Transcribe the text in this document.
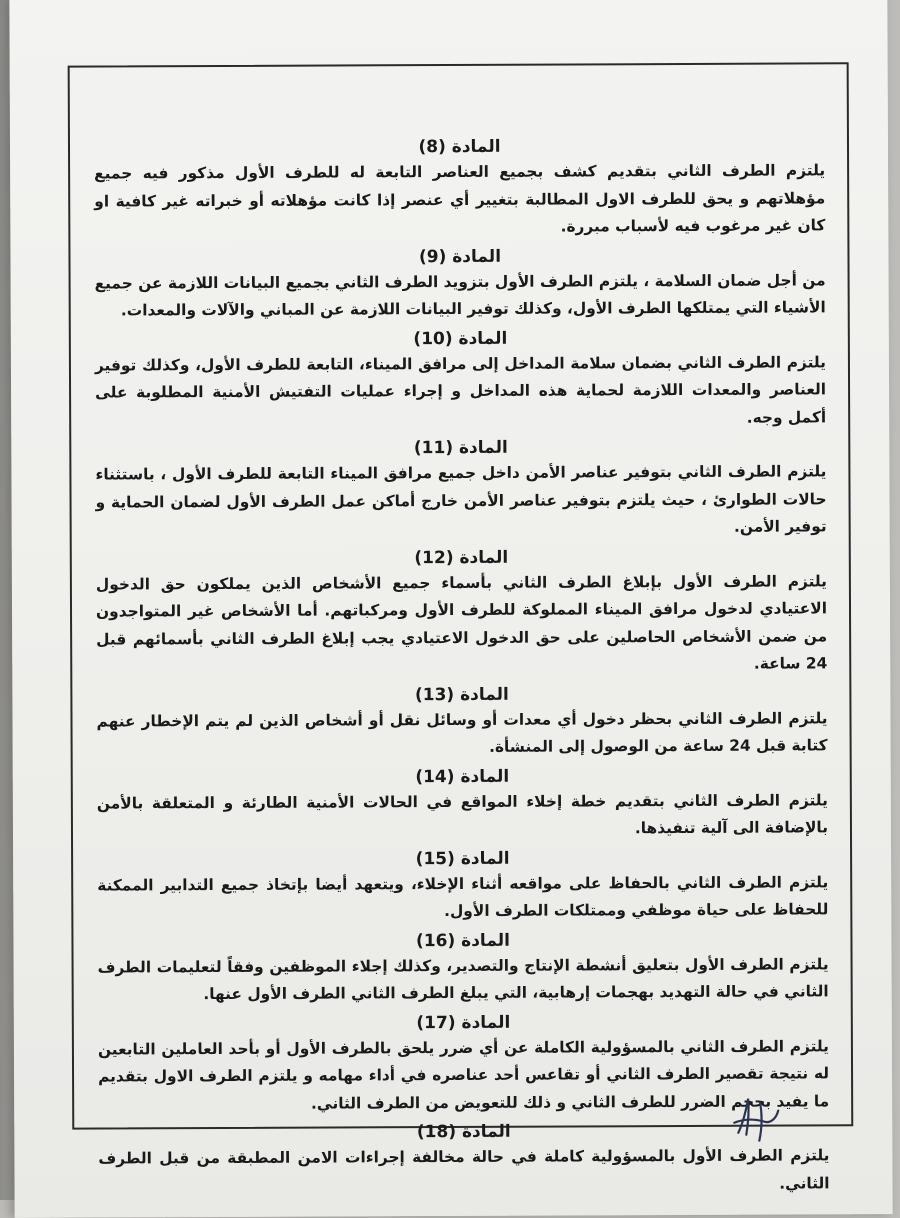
المادة (8)

يلتزم الطرف الثاني بتقديم كشف بجميع العناصر التابعة له للطرف الأول مذكور فيه جميع مؤهلاتهم و يحق للطرف الاول المطالبة بتغيير أي عنصر إذا كانت مؤهلاته أو خبراته غير كافية او كان غير مرغوب فيه لأسباب مبررة.

المادة (9)

من أجل ضمان السلامة ، يلتزم الطرف الأول بتزويد الطرف الثاني بجميع البيانات اللازمة عن جميع الأشياء التي يمتلكها الطرف الأول، وكذلك توفير البيانات اللازمة عن المباني والآلات والمعدات.

المادة (10)

يلتزم الطرف الثاني بضمان سلامة المداخل إلى مرافق الميناء، التابعة للطرف الأول، وكذلك توفير العناصر والمعدات اللازمة لحماية هذه المداخل و إجراء عمليات التفتيش الأمنية المطلوبة على أكمل وجه.

المادة (11)

يلتزم الطرف الثاني بتوفير عناصر الأمن داخل جميع مرافق الميناء التابعة للطرف الأول ، باستثناء حالات الطوارئ ، حيث يلتزم بتوفير عناصر الأمن خارج أماكن عمل الطرف الأول لضمان الحماية و توفير الأمن.

المادة (12)

يلتزم الطرف الأول بإبلاغ الطرف الثاني بأسماء جميع الأشخاص الذين يملكون حق الدخول الاعتيادي لدخول مرافق الميناء المملوكة للطرف الأول ومركباتهم. أما الأشخاص غير المتواجدون من ضمن الأشخاص الحاصلين على حق الدخول الاعتيادي يجب إبلاغ الطرف الثاني بأسمائهم قبل 24 ساعة.

المادة (13)

يلتزم الطرف الثاني بحظر دخول أي معدات أو وسائل نقل أو أشخاص الذين لم يتم الإخطار عنهم كتابة قبل 24 ساعة من الوصول إلى المنشأة.

المادة (14)

يلتزم الطرف الثاني بتقديم خطة إخلاء المواقع في الحالات الأمنية الطارئة و المتعلقة بالأمن بالإضافة الى آلية تنفيذها.

المادة (15)

يلتزم الطرف الثاني بالحفاظ على مواقعه أثناء الإخلاء، ويتعهد أيضا بإتخاذ جميع التدابير الممكنة للحفاظ على حياة موظفي وممتلكات الطرف الأول.

المادة (16)

يلتزم الطرف الأول بتعليق أنشطة الإنتاج والتصدير، وكذلك إجلاء الموظفين وفقاً لتعليمات الطرف الثاني في حالة التهديد بهجمات إرهابية، التي يبلغ الطرف الثاني الطرف الأول عنها.

المادة (17)

يلتزم الطرف الثاني بالمسؤولية الكاملة عن أي ضرر يلحق بالطرف الأول أو بأحد العاملين التابعين له نتيجة تقصير الطرف الثاني أو تقاعس أحد عناصره في أداء مهامه و يلتزم الطرف الاول بتقديم ما يفيد بحجم الضرر للطرف الثاني و ذلك للتعويض من الطرف الثاني.

المادة (18)

يلتزم الطرف الأول بالمسؤولية كاملة في حالة مخالفة إجراءات الامن المطبقة من قبل الطرف الثاني.
